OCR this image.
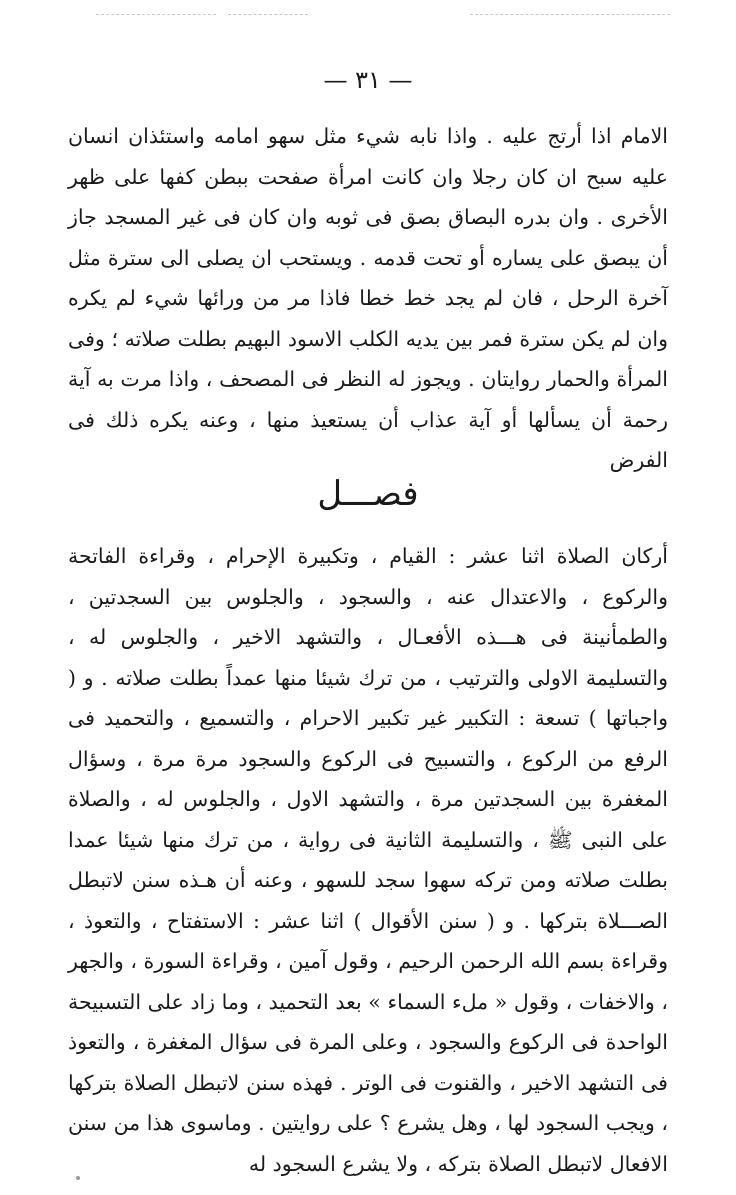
— ٣١ —

الامام اذا أرتج عليه . واذا نابه شيء مثل سهو امامه واستئذان انسان عليه سبح ان كان رجلا وان كانت امرأة صفحت ببطن كفها على ظهر الأخرى . وان بدره البصاق بصق فى ثوبه وان كان فى غير المسجد جاز أن يبصق على يساره أو تحت قدمه . ويستحب ان يصلى الى سترة مثل آخرة الرحل ، فان لم يجد خط خطا فاذا مر من ورائها شيء لم يكره وان لم يكن سترة فمر بين يديه الكلب الاسود البهيم بطلت صلاته ؛ وفى المرأة والحمار روايتان . ويجوز له النظر فى المصحف ، واذا مرت به آية رحمة أن يسألها أو آية عذاب أن يستعيذ منها ، وعنه يكره ذلك فى الفرض

فصـــل

أركان الصلاة اثنا عشر : القيام ، وتكبيرة الإحرام ، وقراءة الفاتحة والركوع ، والاعتدال عنه ، والسجود ، والجلوس بين السجدتين ، والطمأنينة فى هـــذه الأفعـال ، والتشهد الاخير ، والجلوس له ، والتسليمة الاولى والترتيب ، من ترك شيئا منها عمداً بطلت صلاته . و ( واجباتها ) تسعة : التكبير غير تكبير الاحرام ، والتسميع ، والتحميد فى الرفع من الركوع ، والتسبيح فى الركوع والسجود مرة مرة ، وسؤال المغفرة بين السجدتين مرة ، والتشهد الاول ، والجلوس له ، والصلاة على النبى ﷺ ، والتسليمة الثانية فى رواية ، من ترك منها شيئا عمدا بطلت صلاته ومن تركه سهوا سجد للسهو ، وعنه أن هـذه سنن لاتبطل الصـــلاة بتركها . و ( سنن الأقوال ) اثنا عشر : الاستفتاح ، والتعوذ ، وقراءة بسم الله الرحمن الرحيم ، وقول آمين ، وقراءة السورة ، والجهر ، والاخفات ، وقول « ملء السماء » بعد التحميد ، وما زاد على التسبيحة الواحدة فى الركوع والسجود ، وعلى المرة فى سؤال المغفرة ، والتعوذ فى التشهد الاخير ، والقنوت فى الوتر . فهذه سنن لاتبطل الصلاة بتركها ، ويجب السجود لها ، وهل يشرع ؟ على روايتين . وماسوى هذا من سنن الافعال لاتبطل الصلاة بتركه ، ولا يشرع السجود له
